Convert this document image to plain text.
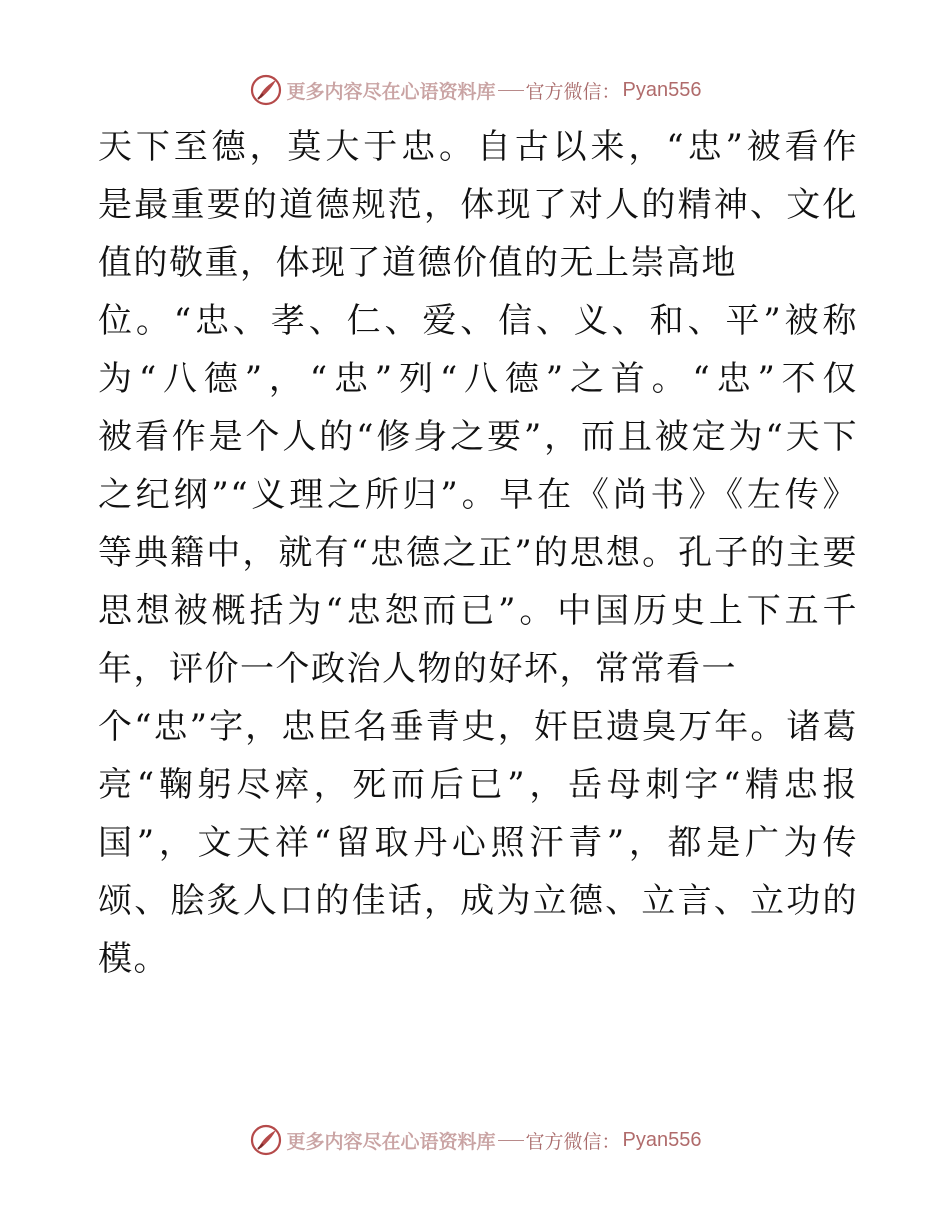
更多内容尽在心语资料库 官方微信： Pyan556
天下至德，莫大于忠。自古以来，“忠”被看作
是最重要的道德规范，体现了对人的精神、文化
值的敬重，体现了道德价值的无上崇高地
位。“忠、孝、仁、爱、信、义、和、平”被称
为“八德”，“忠”列“八德”之首。“忠”不仅
被看作是个人的“修身之要”，而且被定为“天下
之纪纲”“义理之所归”。早在《尚书》《左传》
等典籍中，就有“忠德之正”的思想。孔子的主要
思想被概括为“忠恕而已”。中国历史上下五千
年，评价一个政治人物的好坏，常常看一
个“忠”字，忠臣名垂青史，奸臣遗臭万年。诸葛
亮“鞠躬尽瘁，死而后已”，岳母刺字“精忠报
国”，文天祥“留取丹心照汗青”，都是广为传
颂、脍炙人口的佳话，成为立德、立言、立功的
模。
更多内容尽在心语资料库 官方微信： Pyan556
